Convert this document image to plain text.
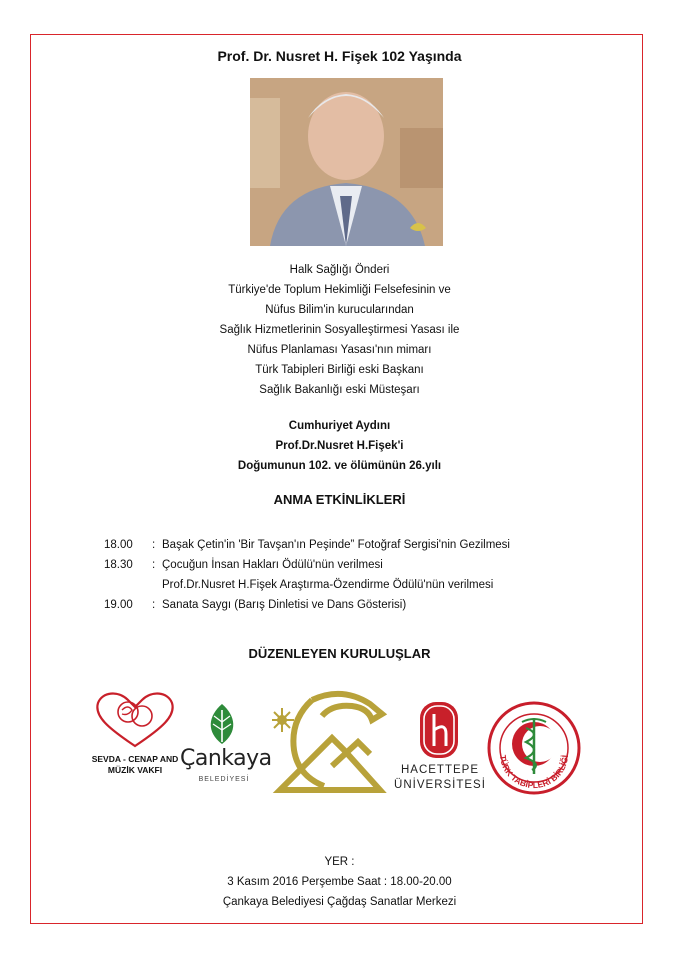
Prof. Dr. Nusret H. Fişek 102 Yaşında
Halk Sağlığı Önderi
Türkiye'de Toplum Hekimliği Felsefesinin ve
Nüfus Bilim'in kurucularından
Sağlık Hizmetlerinin Sosyalleştirmesi Yasası ile
Nüfus Planlaması Yasası'nın mimarı
Türk Tabipleri Birliği eski Başkanı
Sağlık Bakanlığı eski Müsteşarı
Cumhuriyet Aydını
Prof.Dr.Nusret H.Fişek'i
Doğumunun 102. ve ölümünün 26.yılı
ANMA ETKİNLİKLERİ
18.00 : Başak Çetin'in 'Bir Tavşan'ın Peşinde” Fotoğraf Sergisi'nin Gezilmesi
18.30 : Çocuğun İnsan Hakları Ödülü'nün verilmesi
Prof.Dr.Nusret H.Fişek Araştırma-Özendirme Ödülü'nün verilmesi
19.00 : Sanata Saygı (Barış Dinletisi ve Dans Gösterisi)
DÜZENLEYEN KURULUŞLAR
SEVDA - CENAP AND
MÜZİK VAKFI Çankaya
BELEDİYESİ
HACETTEPE
ÜNİVERSİTESİ
TÜRK TABİPLERİ BİRLİĞİ
YER :
3 Kasım 2016 Perşembe Saat : 18.00-20.00
Çankaya Belediyesi Çağdaş Sanatlar Merkezi
